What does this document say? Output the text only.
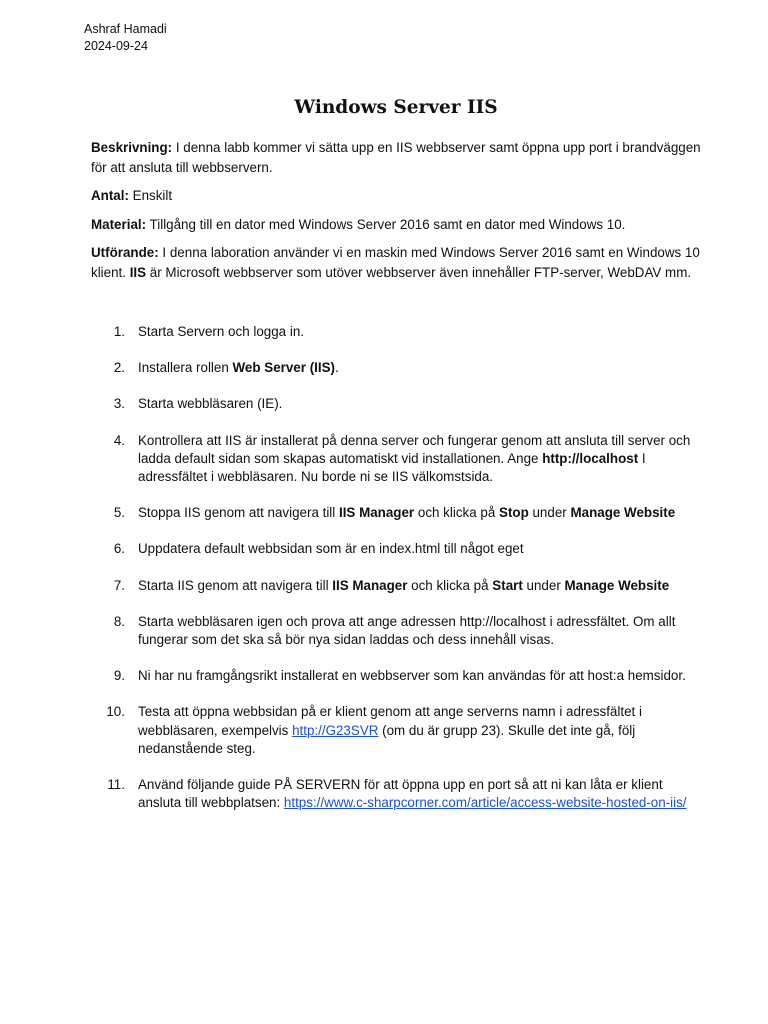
Ashraf Hamadi
2024-09-24
Windows Server IIS

Beskrivning: I denna labb kommer vi sätta upp en IIS webbserver samt öppna upp port i brandväggen för att ansluta till webbservern.

Antal: Enskilt

Material: Tillgång till en dator med Windows Server 2016 samt en dator med Windows 10.

Utförande: I denna laboration använder vi en maskin med Windows Server 2016 samt en Windows 10 klient. IIS är Microsoft webbserver som utöver webbserver även innehåller FTP-server, WebDAV mm.

1 . Starta Servern och logga in.
2 . Installera rollen Web Server (IIS).
3 . Starta webbläsaren (IE).
4 . Kontrollera att IIS är installerat på denna server och fungerar genom att ansluta till server och ladda default sidan som skapas automatiskt vid installationen. Ange http://localhost I adressfältet i webbläsaren. Nu borde ni se IIS välkomstsida.
5 . Stoppa IIS genom att navigera till IIS Manager och klicka på Stop under Manage Website
6 . Uppdatera default webbsidan som är en index.html till något eget
7 . Starta IIS genom att navigera till IIS Manager och klicka på Start under Manage Website
8 . Starta webbläsaren igen och prova att ange adressen http://localhost i adressfältet. Om allt fungerar som det ska så bör nya sidan laddas och dess innehåll visas.
9 . Ni har nu framgångsrikt installerat en webbserver som kan användas för att host:a hemsidor.
10 . Testa att öppna webbsidan på er klient genom att ange serverns namn i adressfältet i webbläsaren, exempelvis http://G23SVR (om du är grupp 23). Skulle det inte gå, följ nedanstående steg.
11 . Använd följande guide PÅ SERVERN för att öppna upp en port så att ni kan låta er klient ansluta till webbplatsen: https://www.c-sharpcorner.com/article/access-website-hosted-on-iis/
